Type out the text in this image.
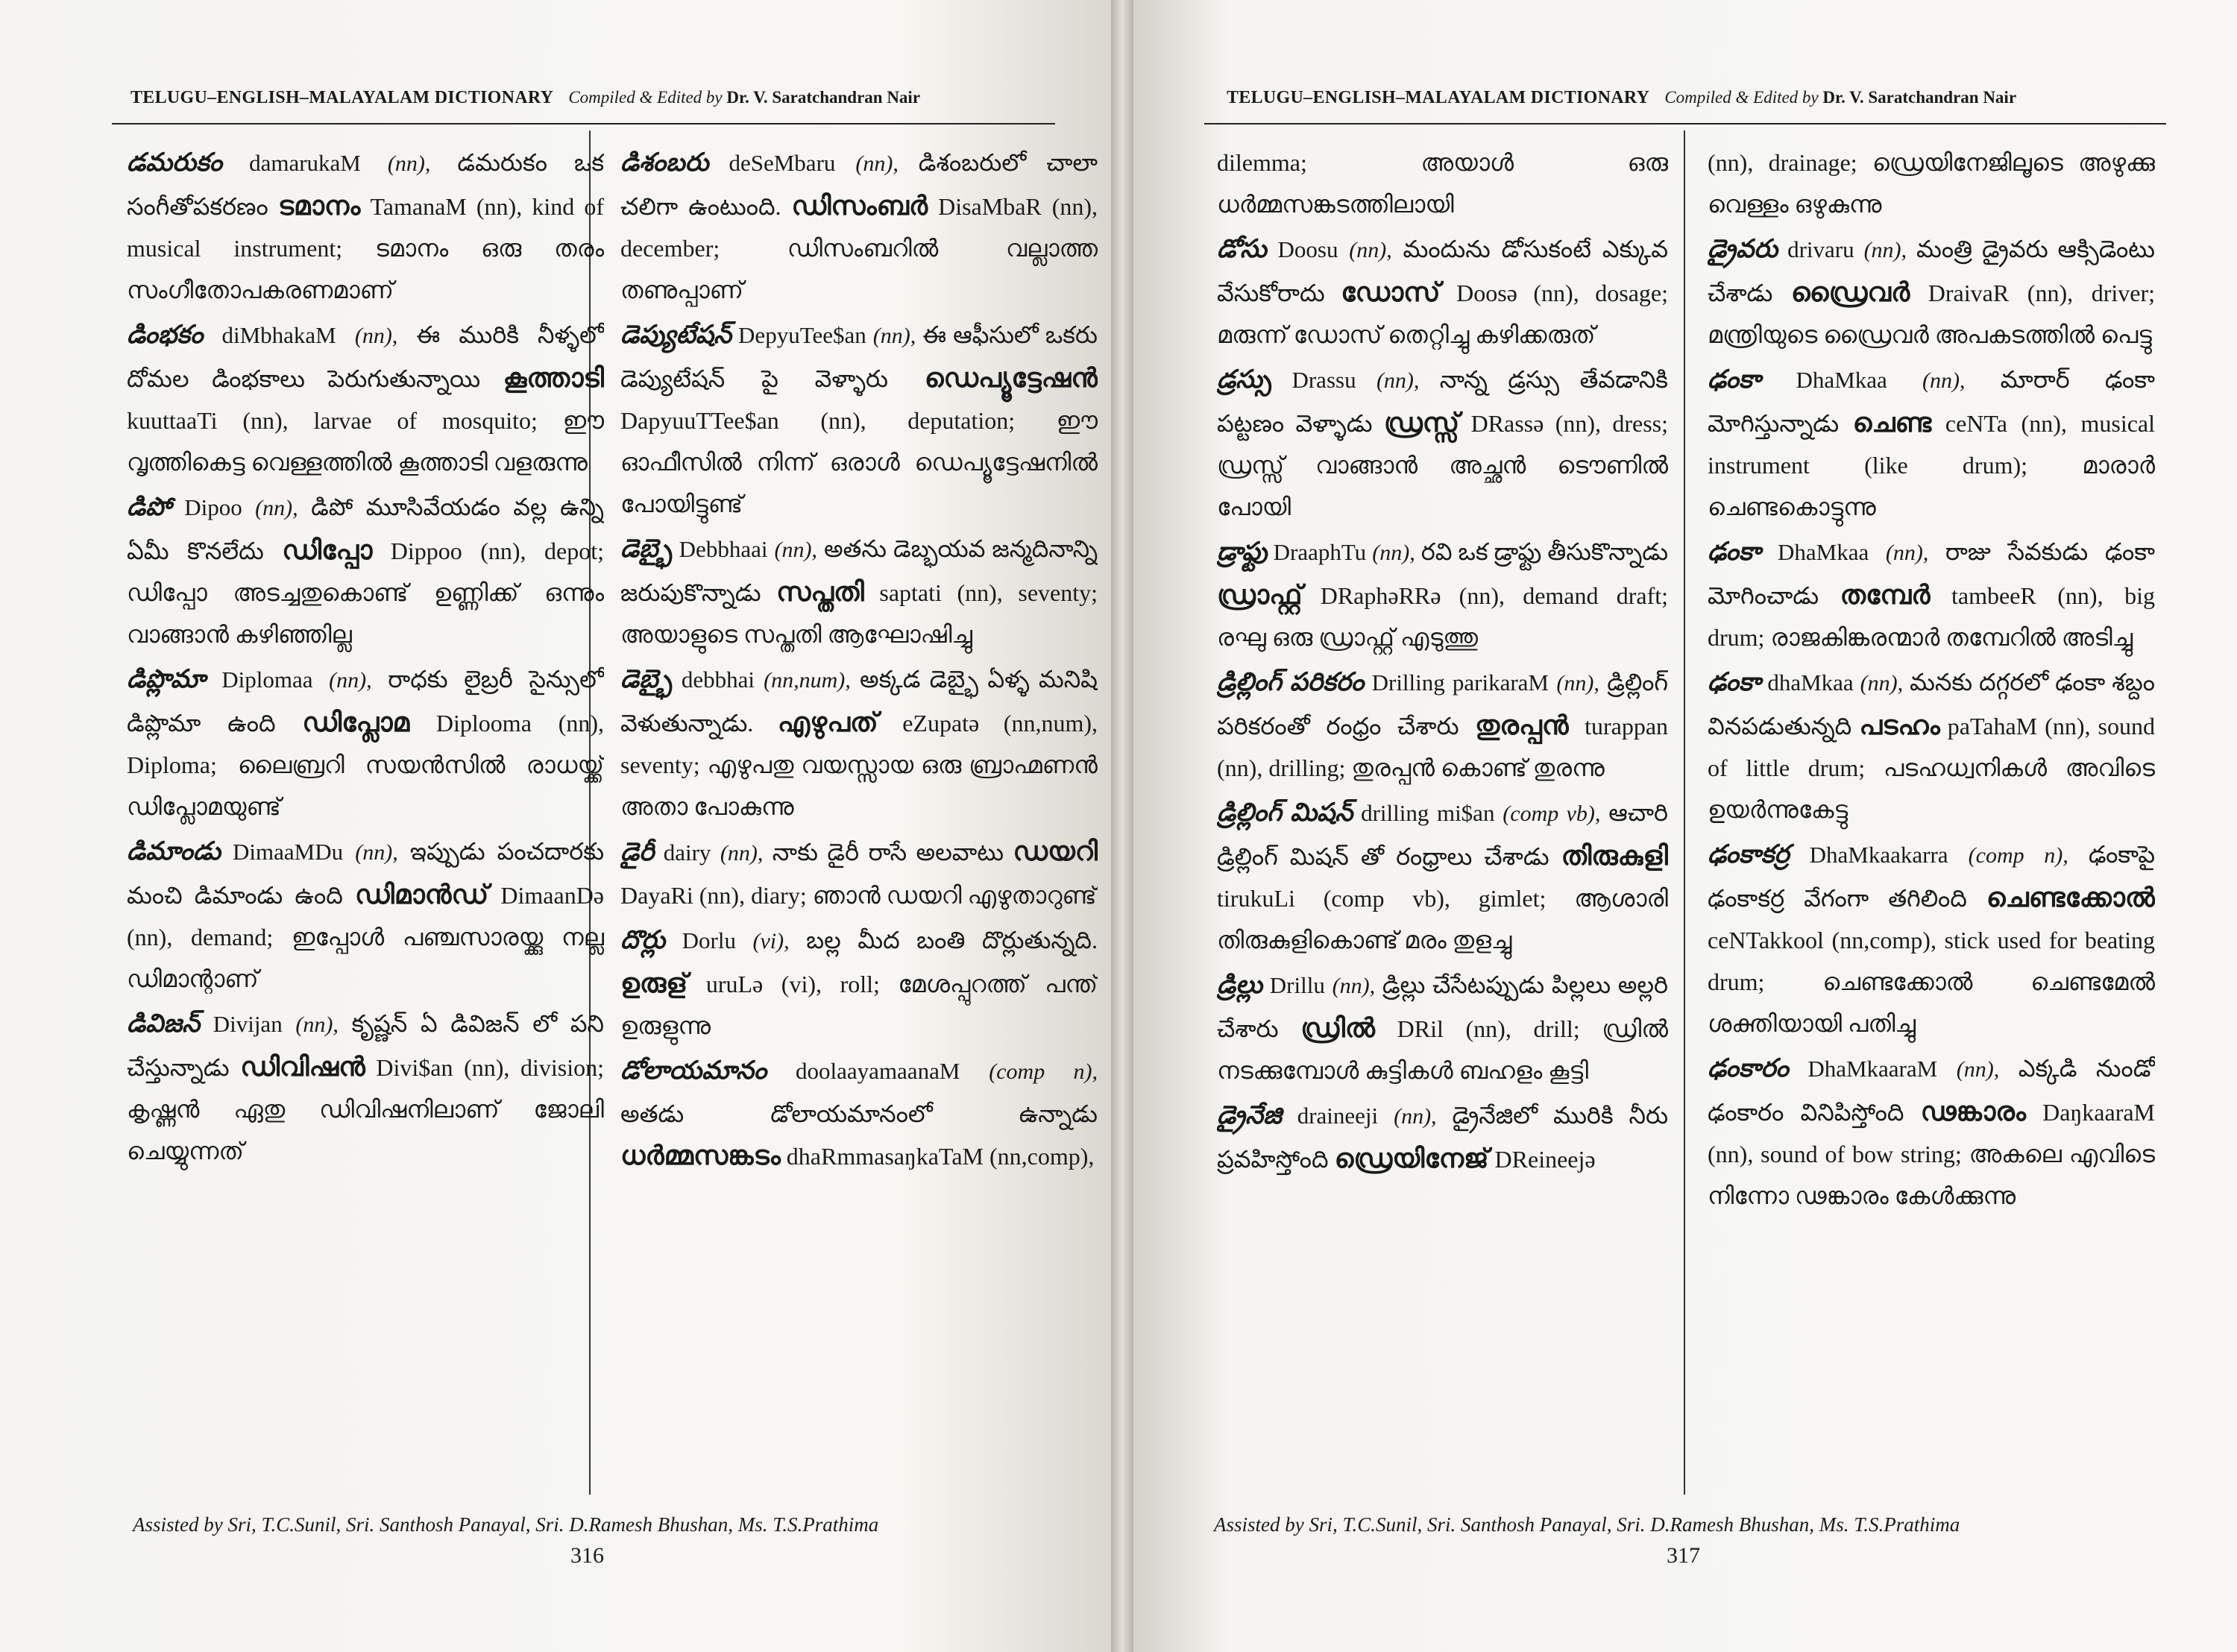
TELUGU–ENGLISH–MALAYALAM DICTIONARY Compiled & Edited by Dr. V. Saratchandran Nair
డమరుకం damarukaM (nn), డమరుకం ఒక సంగీతోపకరణం ടമാനം TamanaM (nn), kind of musical instrument; ടമാനം ഒരു തരം സംഗീതോപകരണമാണ്
డింభకం diMbhakaM (nn), ఈ మురికి నీళ్ళలో దోమల డింభకాలు పెరుగుతున్నాయి കൂത്താടി kuuttaaTi (nn), larvae of mosquito; ഈ വൃത്തികെട്ട വെള്ളത്തിൽ കൂത്താടി വളരുന്നു
డిపో Dipoo (nn), డిపో మూసివేయడం వల్ల ఉన్ని ఏమీ కొనలేదు ഡിപ്പോ Dippoo (nn), depot; ഡിപ്പോ അടച്ചതുകൊണ്ട് ഉണ്ണിക്ക് ഒന്നും വാങ്ങാൻ കഴിഞ്ഞില്ല
డిప్లొమా Diplomaa (nn), రాధకు లైబ్రరీ సైన్సులో డిప్లొమా ఉంది ഡിപ്ലോമ Diplooma (nn), Diploma; ലൈബ്രറി സയൻസിൽ രാധയ്ക്ക് ഡിപ്ലോമയുണ്ട്
డిమాండు DimaaMDu (nn), ఇప్పుడు పంచదారకు మంచి డిమాండు ఉంది ഡിമാൻഡ് DimaanDə (nn), demand; ഇപ്പോൾ പഞ്ചസാരയ്ക്കു നല്ല ഡിമാന്റാണ്
డివిజన్ Divijan (nn), కృష్ణన్ ఏ డివిజన్ లో పని చేస్తున్నాడు ഡിവിഷൻ Divi$an (nn), division; കൃഷ്ണൻ ഏതു ഡിവിഷനിലാണ് ജോലി ചെയ്യുന്നത്
డిశంబరు deSeMbaru (nn), డిశంబరులో చాలా చలిగా ఉంటుంది. ഡിസംബർ DisaMbaR (nn), december; ഡിസംബറിൽ വല്ലാത്ത തണുപ്പാണ്
డెప్యుటేషన్ DepyuTee$an (nn), ఈ ఆఫీసులో ఒకరు డెప్యుటేషన్ పై వెళ్ళారు ഡെപ്യൂട്ടേഷൻ DapyuuTTee$an (nn), deputation; ഈ ഓഫീസിൽ നിന്ന് ഒരാൾ ഡെപ്യൂട്ടേഷനിൽ പോയിട്ടുണ്ട്
డెబ్భై Debbhaai (nn), అతను డెబ్భయవ జన్మదినాన్ని జరుపుకొన్నాడు സപ്തതി saptati (nn), seventy; അയാളുടെ സപ്തതി ആഘോഷിച്ചു
డెబ్భై debbhai (nn,num), అక్కడ డెబ్భై ఏళ్ళ మనిషి వెళుతున్నాడు. എഴുപത് eZupatə (nn,num), seventy; എഴുപതു വയസ്സായ ഒരു ബ്രാഹ്മണൻ അതാ പോകുന്നു
డైరీ dairy (nn), నాకు డైరీ రాసే అలవాటు ഡയറി DayaRi (nn), diary; ഞാൻ ഡയറി എഴുതാറുണ്ട്
దొర్లు Dorlu (vi), బల్ల మీద బంతి దొర్లుతున్నది. ഉരുള് uruLə (vi), roll; മേശപ്പുറത്ത് പന്ത് ഉരുളുന്നു
డోలాయమానం doolaayamaanaM (comp n), అతడు డోలాయమానంలో ఉన్నాడు ധർമ്മസങ്കടം dhaRmmasaŋkaTaM (nn,comp),
Assisted by Sri, T.C.Sunil, Sri. Santhosh Panayal, Sri. D.Ramesh Bhushan, Ms. T.S.Prathima
316
TELUGU–ENGLISH–MALAYALAM DICTIONARY Compiled & Edited by Dr. V. Saratchandran Nair
dilemma; അയാൾ ഒരു ധർമ്മസങ്കടത്തിലായി
డోసు Doosu (nn), మందును డోసుకంటే ఎక్కువ వేసుకోరాదు ഡോസ് Doosə (nn), dosage; മരുന്ന് ഡോസ് തെറ്റിച്ചു കഴിക്കരുത്
డ్రస్సు Drassu (nn), నాన్న డ్రస్సు తేవడానికి పట్టణం వెళ్ళాడు ഡ്രസ്സ് DRassə (nn), dress; ഡ്രസ്സ് വാങ്ങാൻ അച്ഛൻ ടൌണിൽ പോയി
డ్రాఫ్టు DraaphTu (nn), రవి ఒక డ్రాఫ్టు తీసుకొన్నాడు ഡ്രാഫ്റ്റ് DRaphəRRə (nn), demand draft; രഘു ഒരു ഡ്രാഫ്റ്റ് എടുത്തു
డ్రిల్లింగ్ పరికరం Drilling parikaraM (nn), డ్రిల్లింగ్ పరికరంతో రంధ్రం చేశారు തുരപ്പൻ turappan (nn), drilling; തുരപ്പൻ കൊണ്ട് തുരന്നു
డ్రిల్లింగ్ మిషన్ drilling mi$an (comp vb), ఆచారి డ్రిల్లింగ్ మిషన్ తో రంధ్రాలు చేశాడు തിരുകുളി tirukuLi (comp vb), gimlet; ആശാരി തിരുകുളികൊണ്ട് മരം തുളച്ചു
డ్రిల్లు Drillu (nn), డ్రిల్లు చేసేటప్పుడు పిల్లలు అల్లరి చేశారు ഡ്രിൽ DRil (nn), drill; ഡ്രിൽ നടക്കുമ്പോൾ കുട്ടികൾ ബഹളം കൂട്ടി
డ్రైనేజి draineeji (nn), డ్రైనేజిలో మురికి నీరు ప్రవహిస్తోంది ഡ്രെയിനേജ് DReineejə
(nn), drainage; ഡ്രെയിനേജിലൂടെ അഴുക്കു വെള്ളം ഒഴുകുന്നു
డ్రైవరు drivaru (nn), మంత్రి డ్రైవరు ఆక్సిడెంటు చేశాడు ഡ്രൈവർ DraivaR (nn), driver; മന്ത്രിയുടെ ഡ്രൈവർ അപകടത്തിൽ പെട്ടു
ఢంకా DhaMkaa (nn), మారార్ ఢంకా మోగిస్తున్నాడు ചെണ്ട ceNTa (nn), musical instrument (like drum); മാരാർ ചെണ്ടകൊട്ടുന്നു
ఢంకా DhaMkaa (nn), రాజు సేవకుడు ఢంకా మోగించాడు തമ്പേർ tambeeR (nn), big drum; രാജകിങ്കരന്മാർ തമ്പേറിൽ അടിച്ചു
ఢంకా dhaMkaa (nn), మనకు దగ్గరలో ఢంకా శబ్దం వినపడుతున్నది പടഹം paTahaM (nn), sound of little drum; പടഹധ്വനികൾ അവിടെ ഉയർന്നുകേട്ടു
ఢంకాకర్ర DhaMkaakarra (comp n), ఢంకాపై ఢంకాకర్ర వేగంగా తగిలింది ചെണ്ടക്കോൽ ceNTakkool (nn,comp), stick used for beating drum; ചെണ്ടക്കോൽ ചെണ്ടമേൽ ശക്തിയായി പതിച്ചു
ఢంకారం DhaMkaaraM (nn), ఎక్కడి నుండో ఢంకారం వినిపిస్తోంది ഢങ്കാരം DaŋkaaraM (nn), sound of bow string; അകലെ എവിടെ നിന്നോ ഢങ്കാരം കേൾക്കുന്നു
Assisted by Sri, T.C.Sunil, Sri. Santhosh Panayal, Sri. D.Ramesh Bhushan, Ms. T.S.Prathima
317
